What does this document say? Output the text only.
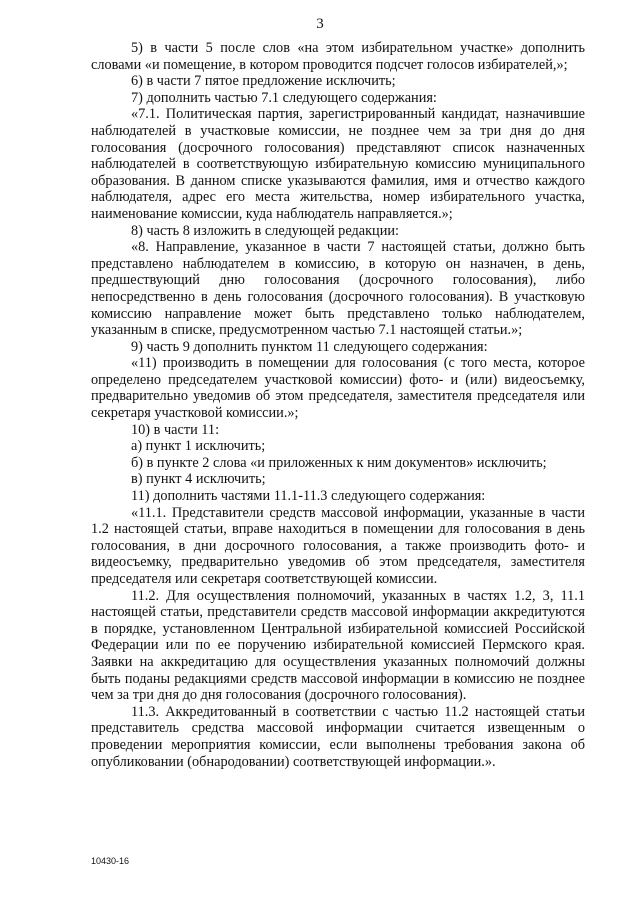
3

5) в части 5 после слов «на этом избирательном участке» дополнить словами «и помещение, в котором проводится подсчет голосов избирателей,»;

6) в части 7 пятое предложение исключить;

7) дополнить частью 7.1 следующего содержания:

«7.1. Политическая партия, зарегистрированный кандидат, назначившие наблюдателей в участковые комиссии, не позднее чем за три дня до дня голосования (досрочного голосования) представляют список назначенных наблюдателей в соответствующую избирательную комиссию муниципального образования. В данном списке указываются фамилия, имя и отчество каждого наблюдателя, адрес его места жительства, номер избирательного участка, наименование комиссии, куда наблюдатель направляется.»;

8) часть 8 изложить в следующей редакции:

«8. Направление, указанное в части 7 настоящей статьи, должно быть представлено наблюдателем в комиссию, в которую он назначен, в день, предшествующий дню голосования (досрочного голосования), либо непосредственно в день голосования (досрочного голосования). В участковую комиссию направление может быть представлено только наблюдателем, указанным в списке, предусмотренном частью 7.1 настоящей статьи.»;

9) часть 9 дополнить пунктом 11 следующего содержания:

«11) производить в помещении для голосования (с того места, которое определено председателем участковой комиссии) фото- и (или) видеосъемку, предварительно уведомив об этом председателя, заместителя председателя или секретаря участковой комиссии.»;

10) в части 11:

а) пункт 1 исключить;

б) в пункте 2 слова «и приложенных к ним документов» исключить;

в) пункт 4 исключить;

11) дополнить частями 11.1-11.3 следующего содержания:

«11.1. Представители средств массовой информации, указанные в части 1.2 настоящей статьи, вправе находиться в помещении для голосования в день голосования, в дни досрочного голосования, а также производить фото- и видеосъемку, предварительно уведомив об этом председателя, заместителя председателя или секретаря соответствующей комиссии.

11.2. Для осуществления полномочий, указанных в частях 1.2, 3, 11.1 настоящей статьи, представители средств массовой информации аккредитуются в порядке, установленном Центральной избирательной комиссией Российской Федерации или по ее поручению избирательной комиссией Пермского края. Заявки на аккредитацию для осуществления указанных полномочий должны быть поданы редакциями средств массовой информации в комиссию не позднее чем за три дня до дня голосования (досрочного голосования).

11.3. Аккредитованный в соответствии с частью 11.2 настоящей статьи представитель средства массовой информации считается извещенным о проведении мероприятия комиссии, если выполнены требования закона об опубликовании (обнародовании) соответствующей информации.».

10430-16
